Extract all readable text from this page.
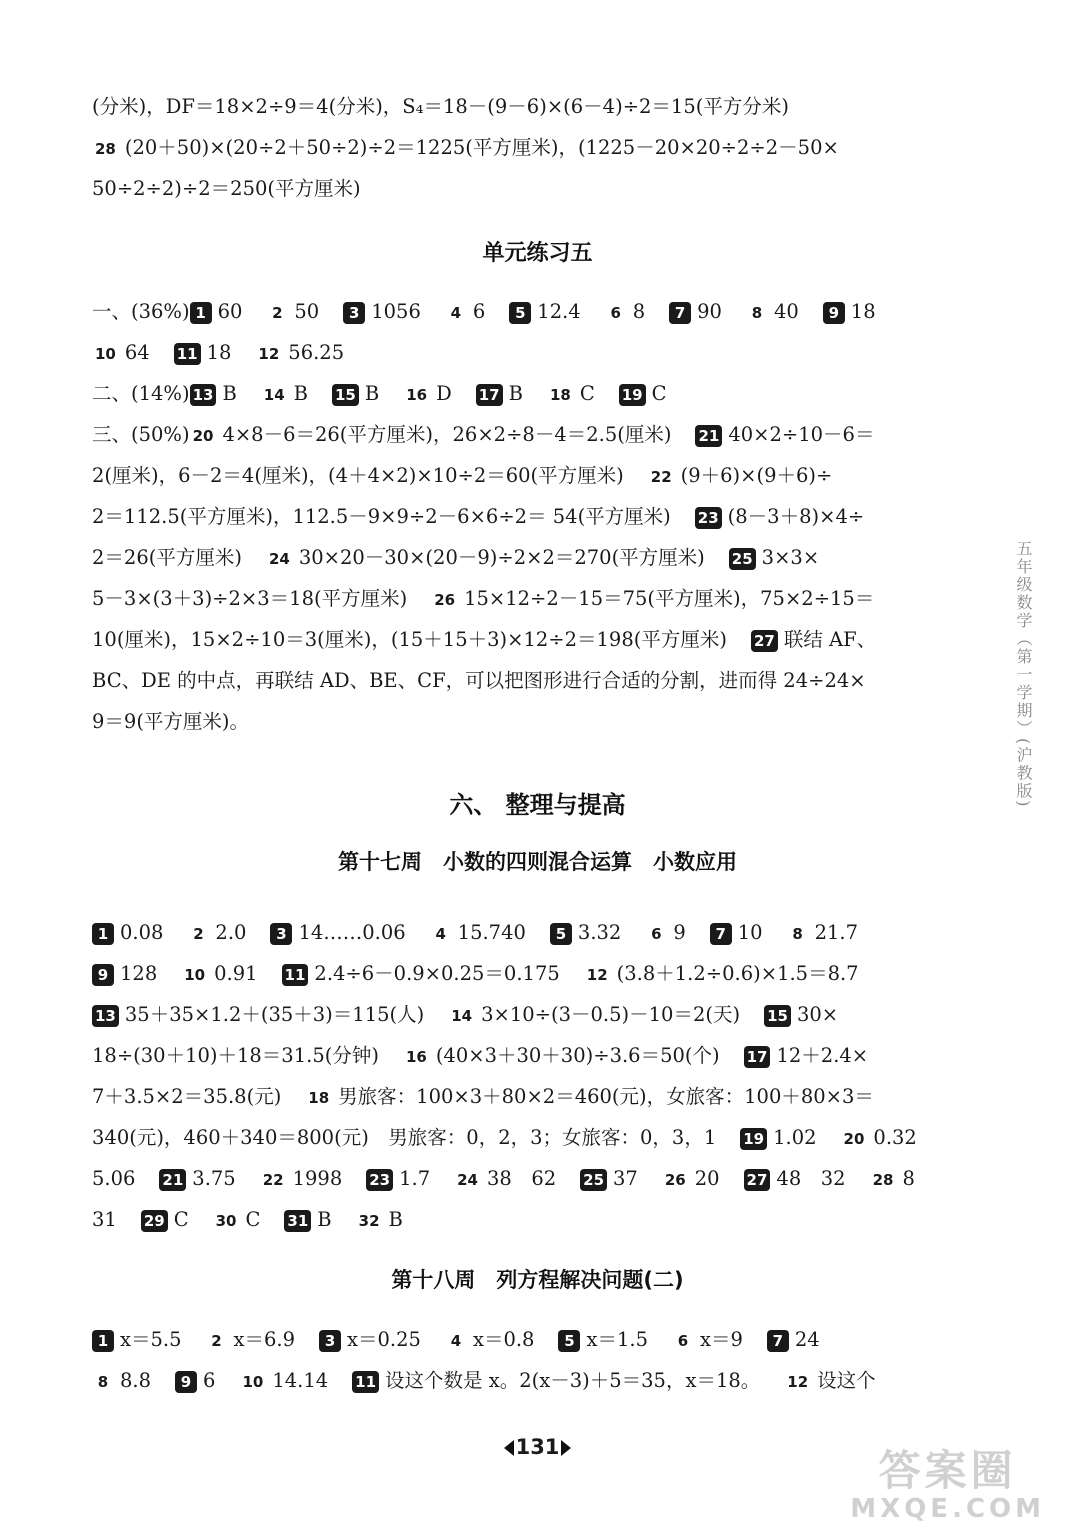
(分米)，DF＝18×2÷9＝4(分米)，S₄＝18－(9－6)×(6－4)÷2＝15(平方分米)
28 (20＋50)×(20÷2＋50÷2)÷2＝1225(平方厘米)，(1225－20×20÷2÷2－50×
50÷2÷2)÷2＝250(平方厘米)
单元练习五
一、(36%) 1 60 2 50 3 1056 4 6 5 12.4 6 8 7 90 8 40 9 18
10 64 11 18 12 56.25
二、(14%) 13 B 14 B 15 B 16 D 17 B 18 C 19 C
三、(50%) 20 4×8－6＝26(平方厘米)，26×2÷8－4＝2.5(厘米) 21 40×2÷10－6＝
2(厘米)，6－2＝4(厘米)，(4＋4×2)×10÷2＝60(平方厘米) 22 (9＋6)×(9＋6)÷
2＝112.5(平方厘米)，112.5－9×9÷2－6×6÷2＝ 54(平方厘米) 23 (8－3＋8)×4÷
2＝26(平方厘米) 24 30×20－30×(20－9)÷2×2＝270(平方厘米) 25 3×3×
5－3×(3＋3)÷2×3＝18(平方厘米) 26 15×12÷2－15＝75(平方厘米)，75×2÷15＝
10(厘米)，15×2÷10＝3(厘米)，(15＋15＋3)×12÷2＝198(平方厘米) 27 联结 AF、
BC、DE 的中点，再联结 AD、BE、CF，可以把图形进行合适的分割，进而得 24÷24×
9＝9(平方厘米)。
六、 整理与提高
第十七周　小数的四则混合运算　小数应用
1 0.08 2 2.0 3 14……0.06 4 15.740 5 3.32 6 9 7 10 8 21.7
9 128 10 0.91 11 2.4÷6－0.9×0.25＝0.175 12 (3.8＋1.2÷0.6)×1.5＝8.7
13 35＋35×1.2＋(35＋3)＝115(人) 14 3×10÷(3－0.5)－10＝2(天) 15 30×
18÷(30＋10)＋18＝31.5(分钟) 16 (40×3＋30＋30)÷3.6＝50(个) 17 12＋2.4×
7＋3.5×2＝35.8(元) 18 男旅客：100×3＋80×2＝460(元)，女旅客：100＋80×3＝
340(元)，460＋340＝800(元)　男旅客：0，2，3；女旅客：0，3，1 19 1.02 20 0.32
5.06 21 3.75 22 1998 23 1.7 24 38　62 25 37 26 20 27 48　32 28 8
31 29 C 30 C 31 B 32 B
第十八周　列方程解决问题(二)
1 x＝5.5 2 x＝6.9 3 x＝0.25 4 x＝0.8 5 x＝1.5 6 x＝9 7 24
8 8.8 9 6 10 14.14 11 设这个数是 x。2(x－3)＋5＝35，x＝18。 12 设这个
五年级数学（第一学期）(沪教版)
131	答案圈
MXQE.COM
